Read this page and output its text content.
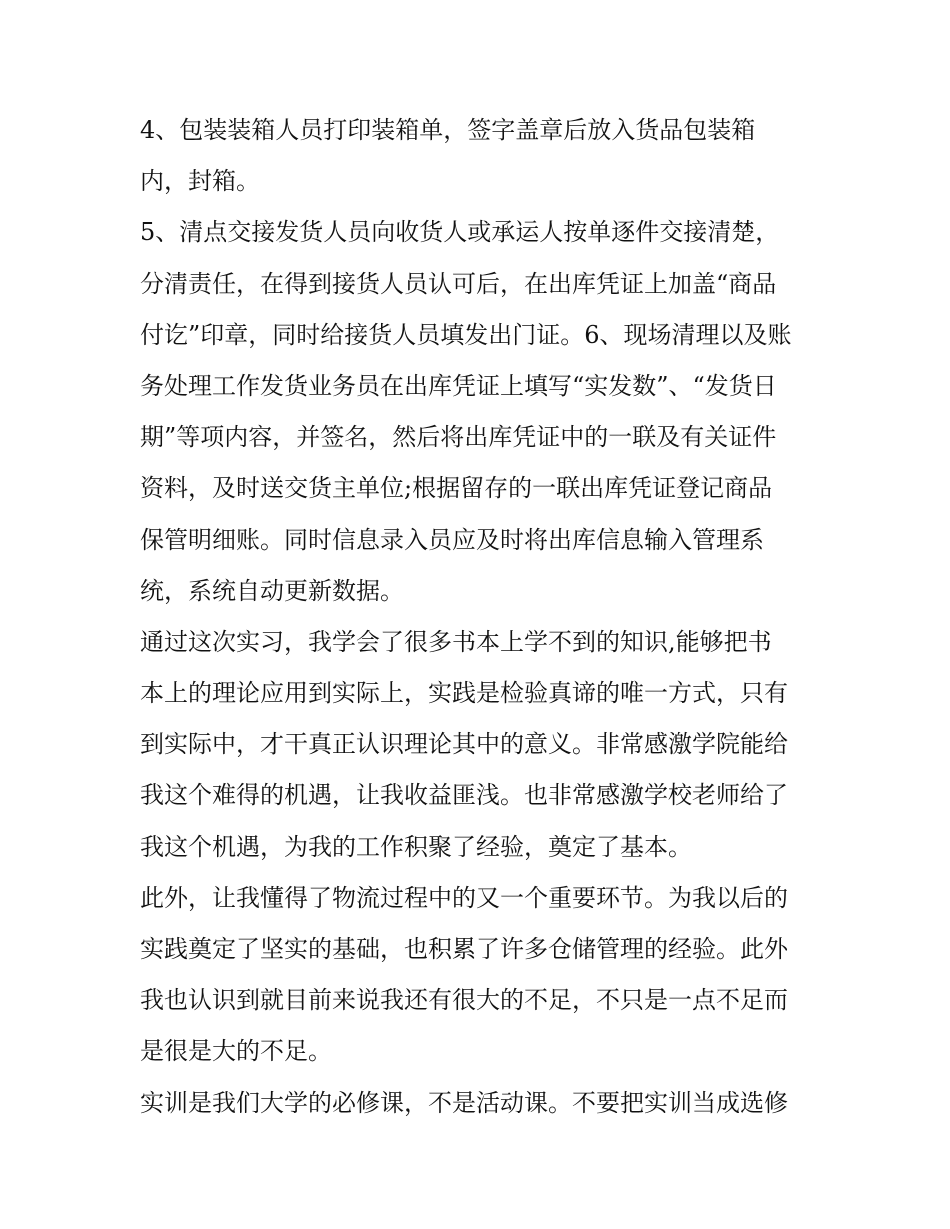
4、包装装箱人员打印装箱单，签字盖章后放入货品包装箱
内，封箱。
5、清点交接发货人员向收货人或承运人按单逐件交接清楚，
分清责任，在得到接货人员认可后，在出库凭证上加盖“商品
付讫”印章，同时给接货人员填发出门证。6、现场清理以及账
务处理工作发货业务员在出库凭证上填写“实发数”、“发货日
期”等项内容，并签名，然后将出库凭证中的一联及有关证件
资料，及时送交货主单位;根据留存的一联出库凭证登记商品
保管明细账。同时信息录入员应及时将出库信息输入管理系
统，系统自动更新数据。
通过这次实习，我学会了很多书本上学不到的知识,能够把书
本上的理论应用到实际上，实践是检验真谛的唯一方式，只有
到实际中，才干真正认识理论其中的意义。非常感激学院能给
我这个难得的机遇，让我收益匪浅。也非常感激学校老师给了
我这个机遇，为我的工作积聚了经验，奠定了基本。
此外，让我懂得了物流过程中的又一个重要环节。为我以后的
实践奠定了坚实的基础，也积累了许多仓储管理的经验。此外
我也认识到就目前来说我还有很大的不足，不只是一点不足而
是很是大的不足。
实训是我们大学的必修课，不是活动课。不要把实训当成选修
